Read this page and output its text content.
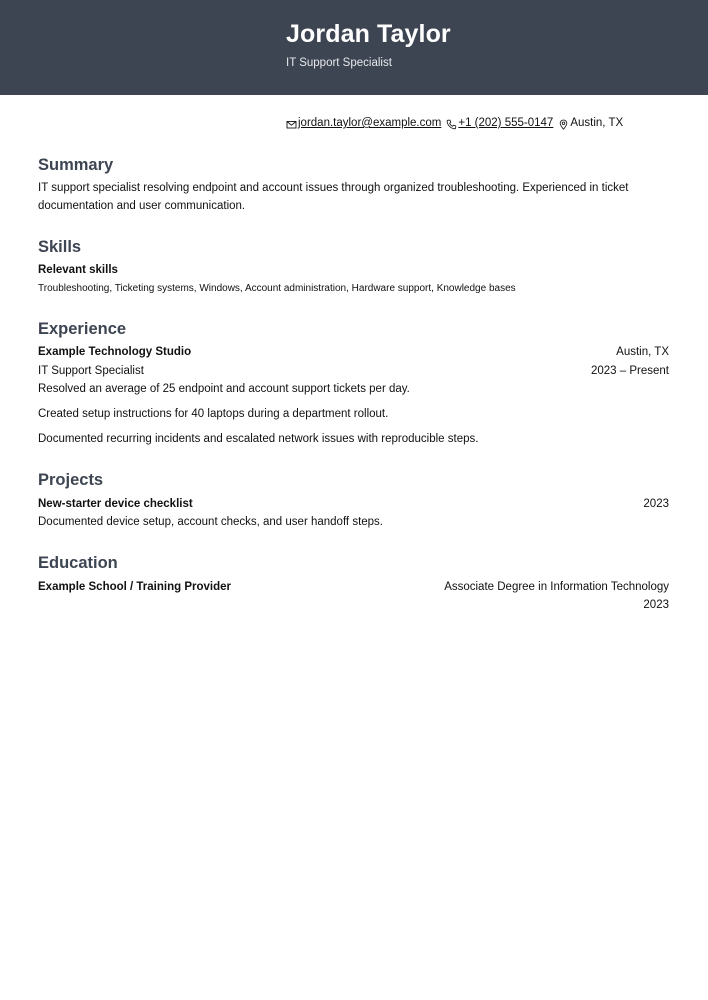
Jordan Taylor
IT Support Specialist
jordan.taylor@example.com +1 (202) 555-0147 Austin, TX
Summary
IT support specialist resolving endpoint and account issues through organized troubleshooting. Experienced in ticket documentation and user communication.
Skills
Relevant skills
Troubleshooting, Ticketing systems, Windows, Account administration, Hardware support, Knowledge bases
Experience
Example Technology Studio	Austin, TX
IT Support Specialist	2023 – Present
Resolved an average of 25 endpoint and account support tickets per day.
Created setup instructions for 40 laptops during a department rollout.
Documented recurring incidents and escalated network issues with reproducible steps.
Projects
New-starter device checklist	2023
Documented device setup, account checks, and user handoff steps.
Education
Example School / Training Provider	Associate Degree in Information Technology
2023
